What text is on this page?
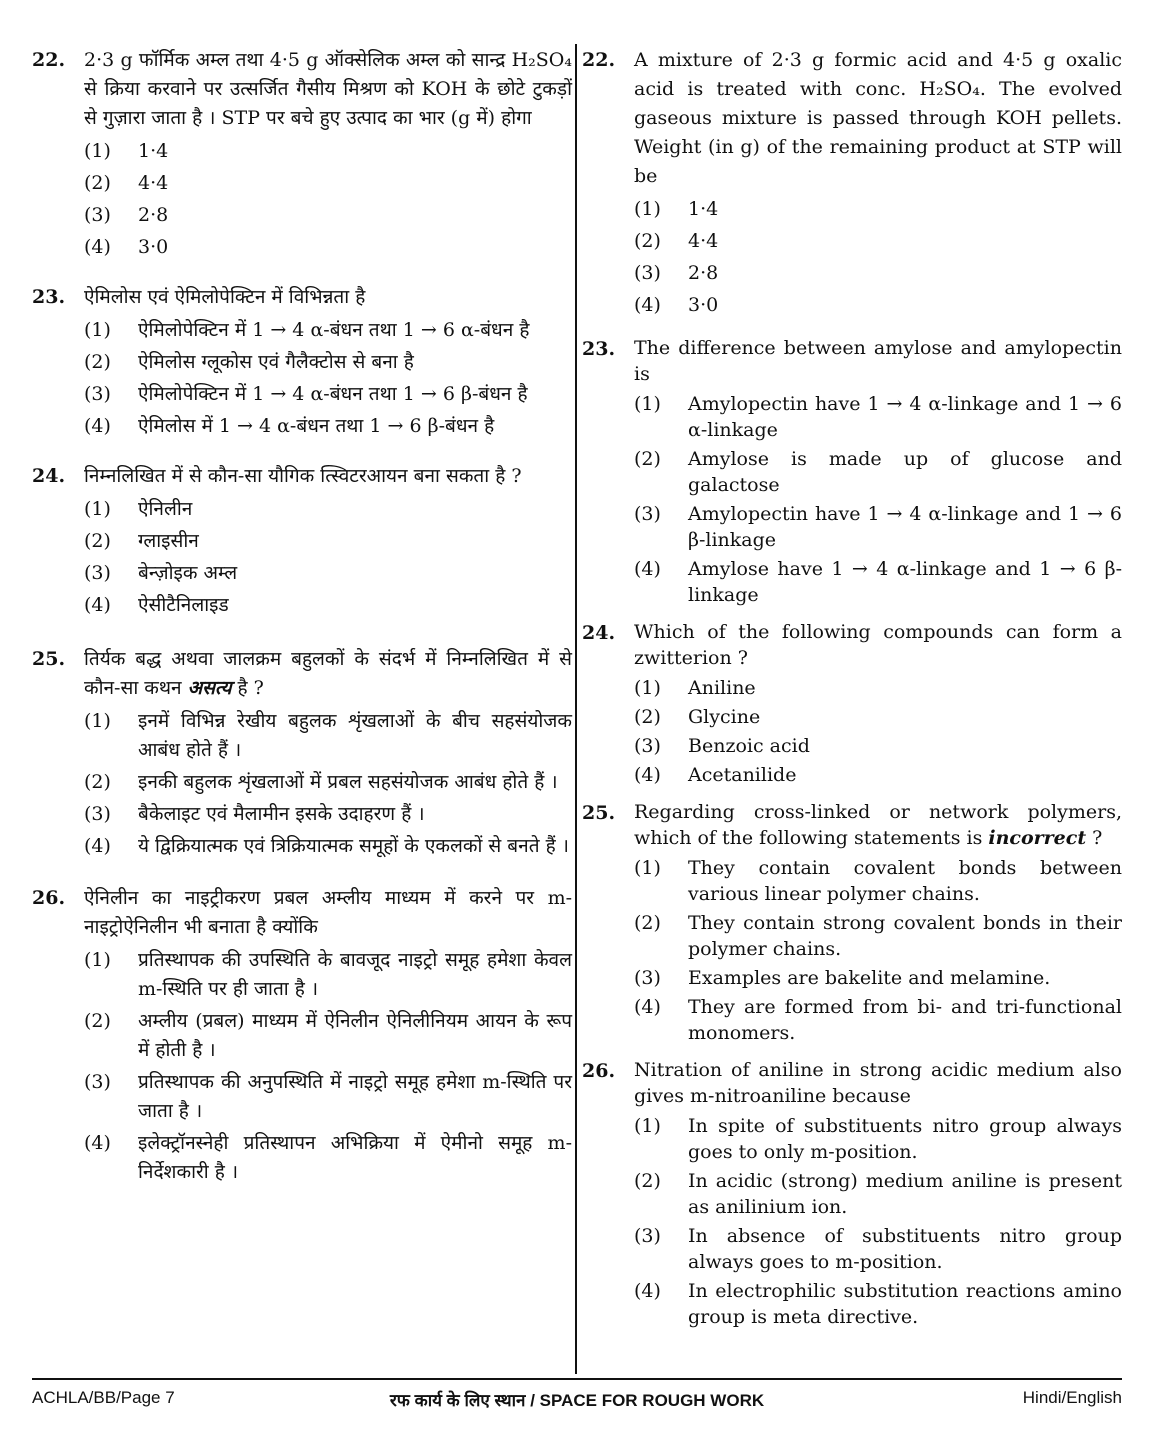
22. 2·3 g फॉर्मिक अम्ल तथा 4·5 g ऑक्सेलिक अम्ल को सान्द्र H₂SO₄ से क्रिया करवाने पर उत्सर्जित गैसीय मिश्रण को KOH के छोटे टुकड़ों से गुज़ारा जाता है । STP पर बचे हुए उत्पाद का भार (g में) होगा

(1)	1·4
(2)	4·4
(3)	2·8
(4)	3·0
23. ऐमिलोस एवं ऐमिलोपेक्टिन में विभिन्नता है

(1)	ऐमिलोपेक्टिन में 1 → 4 α-बंधन तथा 1 → 6 α-बंधन है
(2)	ऐमिलोस ग्लूकोस एवं गैलैक्टोस से बना है
(3)	ऐमिलोपेक्टिन में 1 → 4 α-बंधन तथा 1 → 6 β-बंधन है
(4)	ऐमिलोस में 1 → 4 α-बंधन तथा 1 → 6 β-बंधन है
24. निम्नलिखित में से कौन-सा यौगिक त्स्विटरआयन बना सकता है ?

(1)	ऐनिलीन
(2)	ग्लाइसीन
(3)	बेन्ज़ोइक अम्ल
(4)	ऐसीटैनिलाइड
25. तिर्यक बद्ध अथवा जालक्रम बहुलकों के संदर्भ में निम्नलिखित में से कौन-सा कथन असत्य है ?

(1)	इनमें विभिन्न रेखीय बहुलक शृंखलाओं के बीच सहसंयोजक आबंध होते हैं ।
(2)	इनकी बहुलक शृंखलाओं में प्रबल सहसंयोजक आबंध होते हैं ।
(3)	बैकेलाइट एवं मैलामीन इसके उदाहरण हैं ।
(4)	ये द्विक्रियात्मक एवं त्रिक्रियात्मक समूहों के एकलकों से बनते हैं ।
26. ऐनिलीन का नाइट्रीकरण प्रबल अम्लीय माध्यम में करने पर m-नाइट्रोऐनिलीन भी बनाता है क्योंकि

(1)	प्रतिस्थापक की उपस्थिति के बावजूद नाइट्रो समूह हमेशा केवल m-स्थिति पर ही जाता है ।
(2)	अम्लीय (प्रबल) माध्यम में ऐनिलीन ऐनिलीनियम आयन के रूप में होती है ।
(3)	प्रतिस्थापक की अनुपस्थिति में नाइट्रो समूह हमेशा m-स्थिति पर जाता है ।
(4)	इलेक्ट्रॉनस्नेही प्रतिस्थापन अभिक्रिया में ऐमीनो समूह m-निर्देशकारी है ।
22. A mixture of 2·3 g formic acid and 4·5 g oxalic acid is treated with conc. H₂SO₄. The evolved gaseous mixture is passed through KOH pellets. Weight (in g) of the remaining product at STP will be

(1)	1·4
(2)	4·4
(3)	2·8
(4)	3·0
23. The difference between amylose and amylopectin is

(1)	Amylopectin have 1 → 4 α-linkage and 1 → 6 α-linkage
(2)	Amylose is made up of glucose and galactose
(3)	Amylopectin have 1 → 4 α-linkage and 1 → 6 β-linkage
(4)	Amylose have 1 → 4 α-linkage and 1 → 6 β-linkage
24. Which of the following compounds can form a zwitterion ?

(1)	Aniline
(2)	Glycine
(3)	Benzoic acid
(4)	Acetanilide
25. Regarding cross-linked or network polymers, which of the following statements is incorrect ?

(1)	They contain covalent bonds between various linear polymer chains.
(2)	They contain strong covalent bonds in their polymer chains.
(3)	Examples are bakelite and melamine.
(4)	They are formed from bi- and tri-functional monomers.
26. Nitration of aniline in strong acidic medium also gives m-nitroaniline because

(1)	In spite of substituents nitro group always goes to only m-position.
(2)	In acidic (strong) medium aniline is present as anilinium ion.
(3)	In absence of substituents nitro group always goes to m-position.
(4)	In electrophilic substitution reactions amino group is meta directive.
ACHLA/BB/Page 7	रफ कार्य के लिए स्थान / SPACE FOR ROUGH WORK	Hindi/English
